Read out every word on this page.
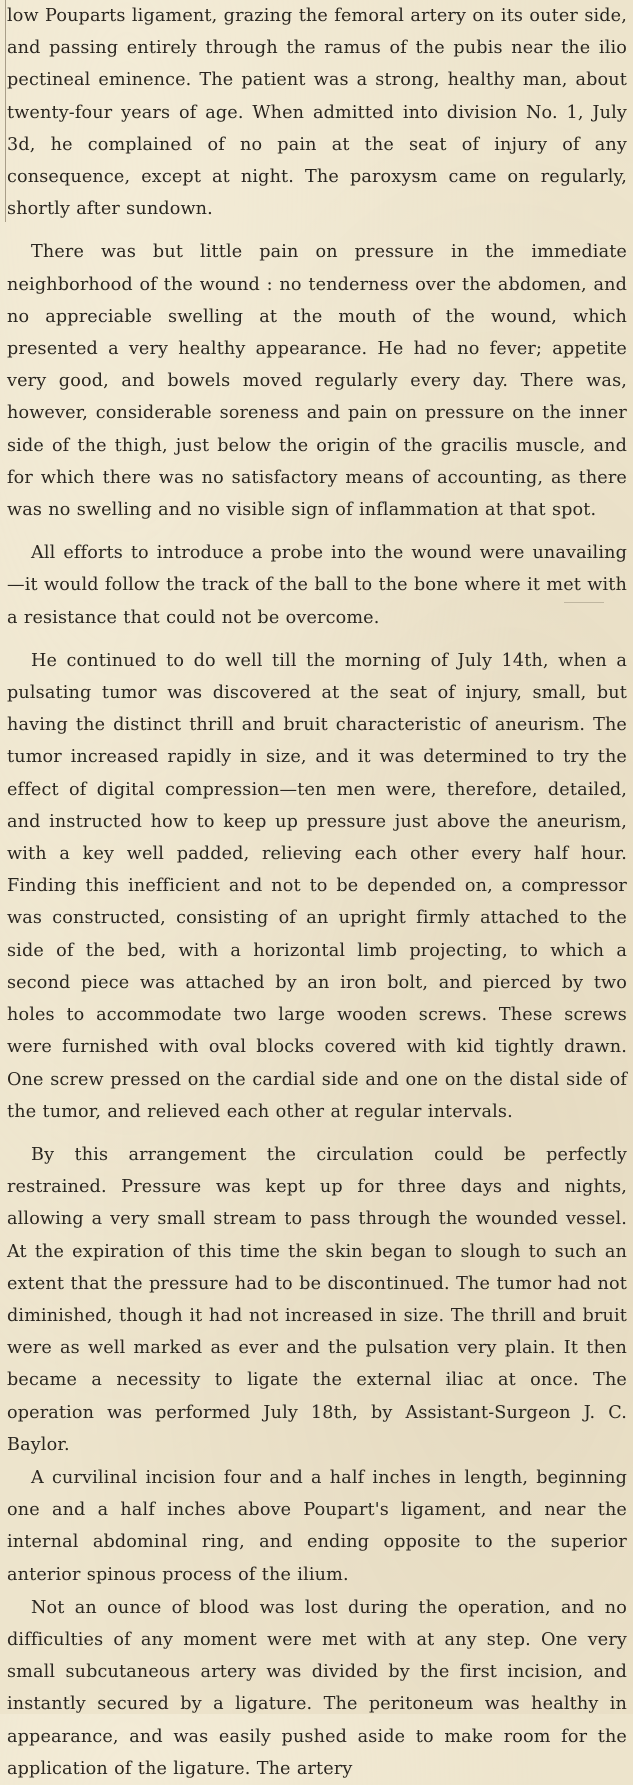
low Pouparts ligament, grazing the femoral artery on its outer side, and passing entirely through the ramus of the pubis near the ilio pectineal eminence. The patient was a strong, healthy man, about twenty-four years of age. When admitted into division No. 1, July 3d, he complained of no pain at the seat of injury of any consequence, except at night. The paroxysm came on regularly, shortly after sundown.

There was but little pain on pressure in the immediate neighborhood of the wound : no tenderness over the abdomen, and no appreciable swelling at the mouth of the wound, which presented a very healthy appearance. He had no fever; appetite very good, and bowels moved regularly every day. There was, however, considerable soreness and pain on pressure on the inner side of the thigh, just below the origin of the gracilis muscle, and for which there was no satisfactory means of accounting, as there was no swelling and no visible sign of inflammation at that spot.

All efforts to introduce a probe into the wound were unavailing—it would follow the track of the ball to the bone where it met with a resistance that could not be overcome.

He continued to do well till the morning of July 14th, when a pulsating tumor was discovered at the seat of injury, small, but having the distinct thrill and bruit characteristic of aneurism. The tumor increased rapidly in size, and it was determined to try the effect of digital compression—ten men were, therefore, detailed, and instructed how to keep up pressure just above the aneurism, with a key well padded, relieving each other every half hour. Finding this inefficient and not to be depended on, a compressor was constructed, consisting of an upright firmly attached to the side of the bed, with a horizontal limb projecting, to which a second piece was attached by an iron bolt, and pierced by two holes to accommodate two large wooden screws. These screws were furnished with oval blocks covered with kid tightly drawn. One screw pressed on the cardial side and one on the distal side of the tumor, and relieved each other at regular intervals.

By this arrangement the circulation could be perfectly restrained. Pressure was kept up for three days and nights, allowing a very small stream to pass through the wounded vessel. At the expiration of this time the skin began to slough to such an extent that the pressure had to be discontinued. The tumor had not diminished, though it had not increased in size. The thrill and bruit were as well marked as ever and the pulsation very plain. It then became a necessity to ligate the external iliac at once. The operation was performed July 18th, by Assistant-Surgeon J. C. Baylor.

A curvilinal incision four and a half inches in length, beginning one and a half inches above Poupart's ligament, and near the internal abdominal ring, and ending opposite to the superior anterior spinous process of the ilium.

Not an ounce of blood was lost during the operation, and no difficulties of any moment were met with at any step. One very small subcutaneous artery was divided by the first incision, and instantly secured by a ligature. The peritoneum was healthy in appearance, and was easily pushed aside to make room for the application of the ligature. The artery
